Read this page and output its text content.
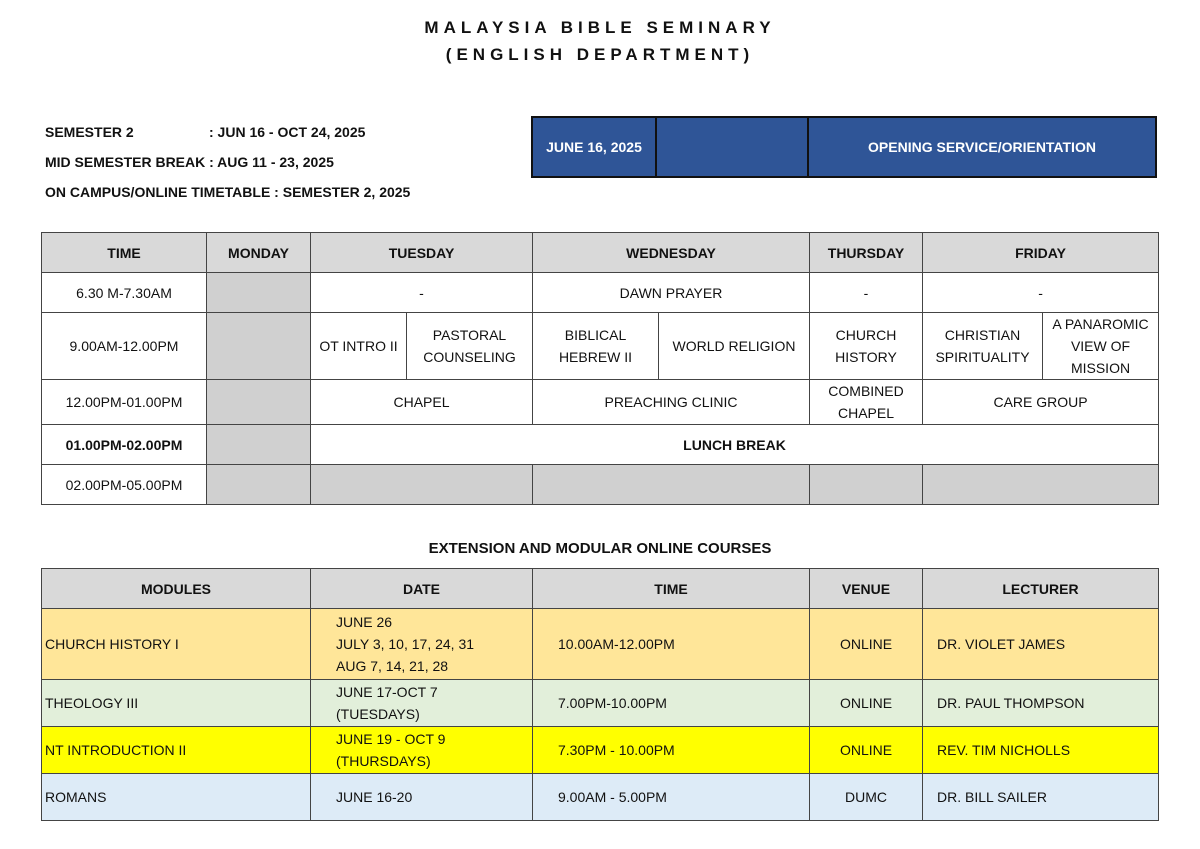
MALAYSIA BIBLE SEMINARY
(ENGLISH DEPARTMENT)
SEMESTER 2	: JUN 16 - OCT 24, 2025
MID SEMESTER BREAK : AUG 11 - 23, 2025
ON CAMPUS/ONLINE TIMETABLE : SEMESTER 2, 2025
JUNE 16, 2025	OPENING SERVICE/ORIENTATION
TIME	MONDAY	TUESDAY		WEDNESDAY		THURSDAY	FRIDAY	
6.30 M-7.30AM		-		DAWN PRAYER		-	-	
9.00AM-12.00PM		OT INTRO II	PASTORAL COUNSELING	BIBLICAL HEBREW II	WORLD RELIGION	CHURCH HISTORY	CHRISTIAN SPIRITUALITY	A PANAROMIC VIEW OF MISSION
12.00PM-01.00PM		CHAPEL		PREACHING CLINIC		COMBINED CHAPEL	CARE GROUP	
01.00PM-02.00PM		LUNCH BREAK						
02.00PM-05.00PM								
EXTENSION AND MODULAR ONLINE COURSES
MODULES	DATE	TIME	VENUE	LECTURER
CHURCH HISTORY I	JUNE 26
JULY 3, 10, 17, 24, 31
AUG 7, 14, 21, 28	10.00AM-12.00PM	ONLINE	DR. VIOLET JAMES
THEOLOGY III	JUNE 17-OCT 7
(TUESDAYS)	7.00PM-10.00PM	ONLINE	DR. PAUL THOMPSON
NT INTRODUCTION II	JUNE 19 - OCT 9
(THURSDAYS)	7.30PM - 10.00PM	ONLINE	REV. TIM NICHOLLS
ROMANS	JUNE 16-20	9.00AM - 5.00PM	DUMC	DR. BILL SAILER
